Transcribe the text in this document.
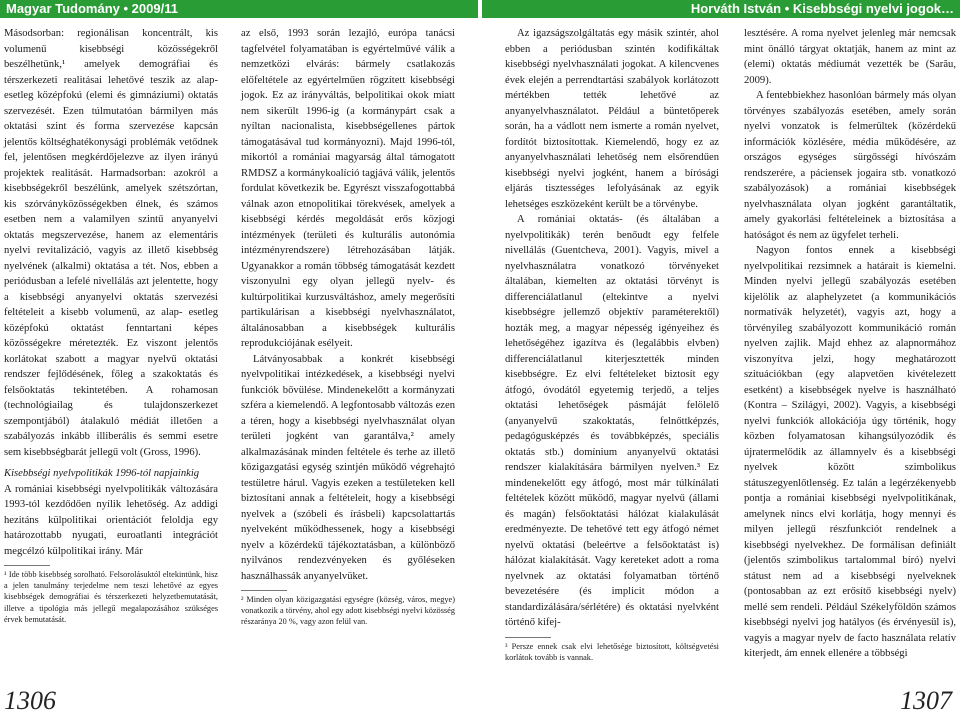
Magyar Tudomány • 2009/11	Horváth István • Kisebbségi nyelvi jogok…

Másodsorban: regionálisan koncentrált, kis volumenű kisebbségi közösségekről beszélhetünk,¹ amelyek demográfiai és térszerkezeti realitásai lehetővé teszik az alap- esetleg középfokú (elemi és gimnáziumi) oktatás szervezését. Ezen túlmutatóan bármilyen más oktatási szint és forma szervezése kapcsán jelentős költséghatékonysági problémák vetődnek fel, jelentősen megkérdőjelezve az ilyen irányú projektek realitását. Harmadsorban: azokról a kisebbségekről beszélünk, amelyek szétszórtan, kis szórványközösségekben élnek, és számos esetben nem a valamilyen szintű anyanyelvi oktatás megszervezése, hanem az elementáris nyelvi revitalizáció, vagyis az illető kisebbség nyelvének (alkalmi) oktatása a tét. Nos, ebben a periódusban a lefelé nivellálás azt jelentette, hogy a kisebbségi anyanyelvi oktatás szervezési feltételeit a kisebb volumenű, az alap- esetleg középfokú oktatást fenntartani képes közösségekre méretezték. Ez viszont jelentős korlátokat szabott a magyar nyelvű oktatási rendszer fejlődésének, főleg a szakoktatás és felsőoktatás tekintetében. A rohamosan (technológiailag és tulajdonszerkezet szempontjából) átalakuló médiát illetően a szabályozás inkább illiberális és semmi esetre sem kisebbségbarát jellegű volt (Gross, 1996).

Kisebbségi nyelvpolitikák 1996-tól napjainkig

A romániai kisebbségi nyelvpolitikák változására 1993-tól kezdődően nyílik lehetőség. Az addigi hezitáns külpolitikai orientációt feloldja egy határozottabb nyugati, euroatlanti integrációt megcélzó külpolitikai irány. Már

¹ Ide több kisebbség sorolható. Felsorolásuktól eltekintünk, hisz a jelen tanulmány terjedelme nem teszi lehetővé az egyes kisebbségek demográfiai és térszerkezeti helyzetbemutatását, illetve a tipológia más jellegű megalapozásához szükséges érvek bemutatását.

az első, 1993 során lezajló, európa tanácsi tagfelvétel folyamatában is egyértelművé válik a nemzetközi elvárás: bármely csatlakozás előfeltétele az egyértelműen rögzített kisebbségi jogok. Ez az irányváltás, belpolitikai okok miatt nem sikerült 1996-ig (a kormánypárt csak a nyíltan nacionalista, kisebbségellenes pártok támogatásával tud kormányozni). Majd 1996-tól, mikortól a romániai magyarság által támogatott RMDSZ a kormánykoalíció tagjává válik, jelentős fordulat következik be. Egyrészt visszafogottabbá válnak azon etnopolitikai törekvések, amelyek a kisebbségi kérdés megoldását erős közjogi intézmények (területi és kulturális autonómia intézményrendszere) létrehozásában látják. Ugyanakkor a román többség támogatását kezdett viszonyulni egy olyan jellegű nyelv- és kultúrpolitikai kurzusváltáshoz, amely megerősíti partikulárisan a kisebbségi nyelvhasználatot, általánosabban a kisebbségek kulturális reprodukciójának esélyeit.

Látványosabbak a konkrét kisebbségi nyelvpolitikai intézkedések, a kisebbségi nyelvi funkciók bővülése. Mindenekelőtt a kormányzati szféra a kiemelendő. A legfontosabb változás ezen a téren, hogy a kisebbségi nyelvhasználat olyan területi jogként van garantálva,² amely alkalmazásának minden feltétele és terhe az illető közigazgatási egység szintjén működő végrehajtó testületre hárul. Vagyis ezeken a testületeken kell biztosítani annak a feltételeit, hogy a kisebbségi nyelvek a (szóbeli és írásbeli) kapcsolattartás nyelveként működhessenek, hogy a kisebbségi nyelv a közérdekű tájékoztatásban, a különböző nyilvános rendezvényeken és győléseken használhassák anyanyelvüket.

² Minden olyan közigazgatási egységre (község, város, megye) vonatkozik a törvény, ahol egy adott kisebbségi nyelvi közösség részaránya 20 %, vagy azon felül van.

Az igazságszolgáltatás egy másik szintér, ahol ebben a periódusban szintén kodifikáltak kisebbségi nyelvhasználati jogokat. A kilencvenes évek elején a perrendtartási szabályok korlátozott mértékben tették lehetővé az anyanyelvhasználatot. Például a büntetőperek során, ha a vádlott nem ismerte a román nyelvet, fordítót biztosítottak. Kiemelendő, hogy ez az anyanyelvhasználati lehetőség nem elsőrendűen kisebbségi nyelvi jogként, hanem a bírósági eljárás tisztességes lefolyásának az egyik lehetséges eszközeként került be a törvénybe.

A romániai oktatás- (és általában a nyelvpolitikák) terén benőudt egy felfele nivellálás (Guentcheva, 2001). Vagyis, mivel a nyelvhasználatra vonatkozó törvényeket általában, kiemelten az oktatási törvényt is differenciálatlanul (eltekintve a nyelvi kisebbségre jellemző objektív paraméterektől) hozták meg, a magyar népesség igényeihez és lehetőségéhez igazítva és (legalábbis elvben) differenciálatlanul kiterjesztették minden kisebbségre. Ez elvi feltételeket biztosít egy átfogó, óvodától egyetemig terjedő, a teljes oktatási lehetőségek pásmáját felölelő (anyanyelvű szakoktatás, felnőttképzés, pedagógusképzés és továbbképzés, speciális oktatás stb.) domínium anyanyelvű oktatási rendszer kialakítására bármilyen nyelven.³ Ez mindenekelőtt egy átfogó, most már túlkínálati feltételek között működő, magyar nyelvű (állami és magán) felsőoktatási hálózat kialakulását eredményezte. De tehetővé tett egy átfogó német nyelvű oktatási (beleértve a felsőoktatást is) hálózat kialakítását. Vagy kereteket adott a roma nyelvnek az oktatási folyamatban történő bevezetésére (és implicit módon a standardizálására/sérlétére) és oktatási nyelvként történő kifej-

³ Persze ennek csak elvi lehetősége biztosított, költségvetési korlátok tovább is vannak.

lesztésére. A roma nyelvet jelenleg már nemcsak mint önálló tárgyat oktatják, hanem az mint az (elemi) oktatás médiumát vezették be (Sarău, 2009).

A fentebbiekhez hasonlóan bármely más olyan törvényes szabályozás esetében, amely során nyelvi vonzatok is felmerültek (közérdekű információk közlésére, média működésére, az országos egységes sürgősségi hívószám rendszerére, a páciensek jogaira stb. vonatkozó szabályozások) a romániai kisebbségek nyelvhasználata olyan jogként garantáltatik, amely gyakorlási feltételeinek a biztosítása a hatóságot és nem az ügyfelet terheli.

Nagyon fontos ennek a kisebbségi nyelvpolitikai rezsimnek a határait is kiemelni. Minden nyelvi jellegű szabályozás esetében kijelölik az alaphelyzetet (a kommunikációs normatívák helyzetét), vagyis azt, hogy a törvényileg szabályozott kommunikáció román nyelven zajlik. Majd ehhez az alapnormához viszonyítva jelzi, hogy meghatározott szituációkban (egy alapvetően kivételezett esetként) a kisebbségek nyelve is használható (Kontra – Szilágyi, 2002). Vagyis, a kisebbségi nyelvi funkciók allokációja úgy történik, hogy közben folyamatosan kihangsúlyozódik és újratermelődik az államnyelv és a kisebbségi nyelvek között szimbolikus státuszegyenlőtlenség. Ez talán a legérzékenyebb pontja a romániai kisebbségi nyelvpolitikának, amelynek nincs elvi korlátja, hogy mennyi és milyen jellegű részfunkciót rendelnek a kisebbségi nyelvekhez. De formálisan definiált (jelentős szimbolikus tartalommal bíró) nyelvi státust nem ad a kisebbségi nyelveknek (pontosabban az ezt erősítő kisebbségi nyelv) mellé sem rendeli. Például Székelyföldön számos kisebbségi nyelvi jog hatályos (és érvényesül is), vagyis a magyar nyelv de facto használata relatív kiterjedt, ám ennek ellenére a többségi

1306	1307
